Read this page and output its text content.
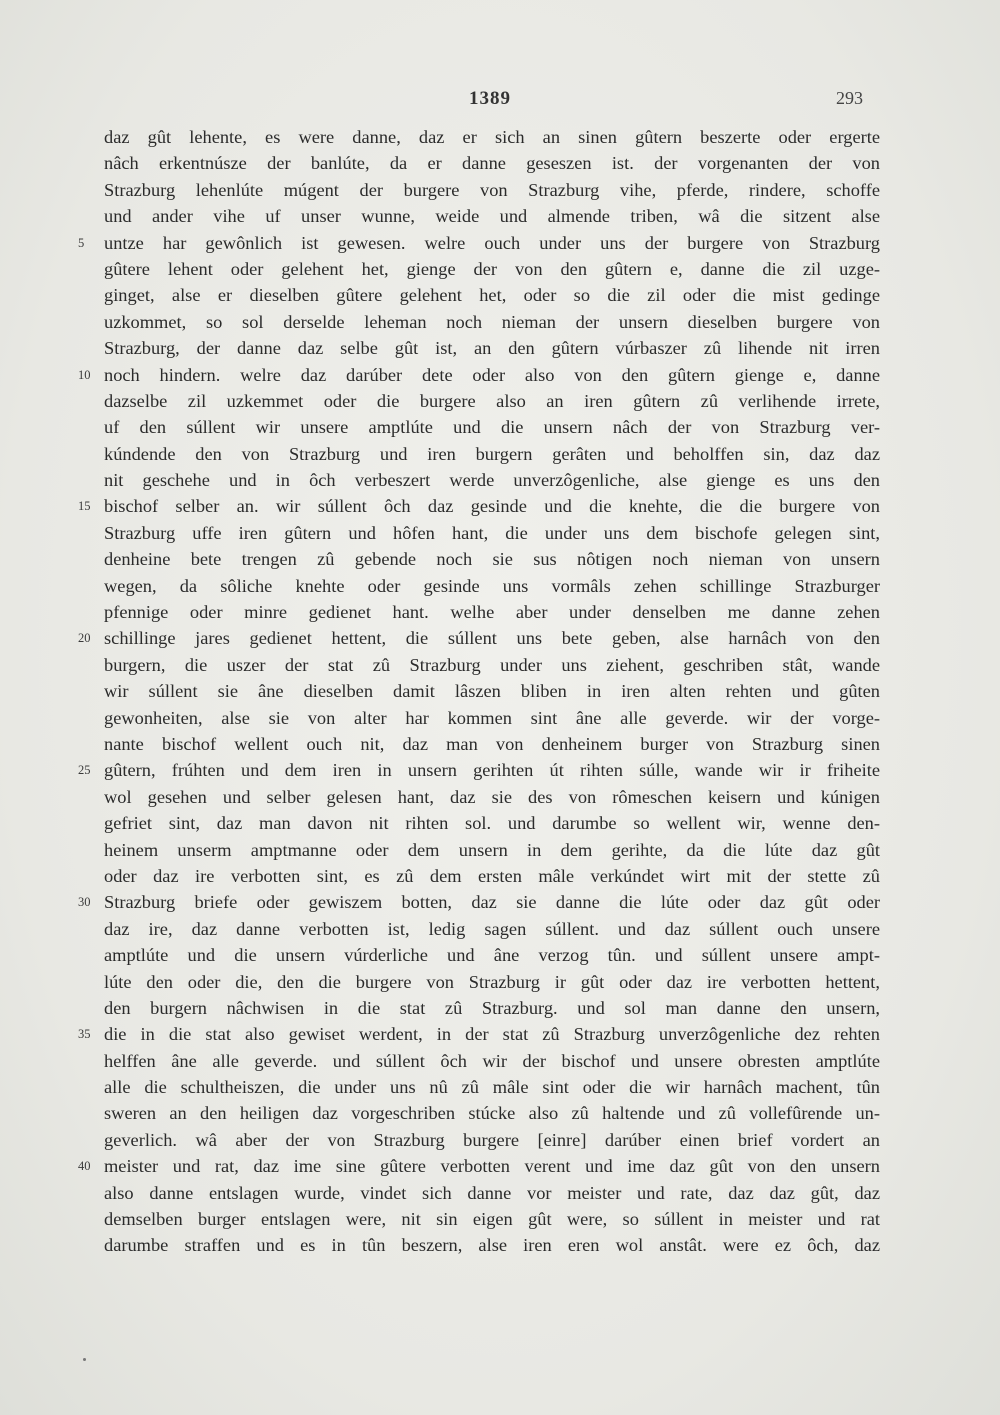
1389	293
daz gût lehente, es were danne, daz er sich an sinen gûtern beszerte oder ergerte
nâch erkentnúsze der banlúte, da er danne geseszen ist. der vorgenanten der von
Strazburg lehenlúte múgent der burgere von Strazburg vihe, pferde, rindere, schoffe
und ander vihe uf unser wunne, weide und almende triben, wâ die sitzent alse
5	untze har gewônlich ist gewesen. welre ouch under uns der burgere von Strazburg
gûtere lehent oder gelehent het, gienge der von den gûtern e, danne die zil uzge-
ginget, alse er dieselben gûtere gelehent het, oder so die zil oder die mist gedinge
uzkommet, so sol derselde leheman noch nieman der unsern dieselben burgere von
Strazburg, der danne daz selbe gût ist, an den gûtern vúrbaszer zû lihende nit irren
10 noch hindern. welre daz darúber dete oder also von den gûtern gienge e, danne
dazselbe zil uzkemmet oder die burgere also an iren gûtern zû verlihende irrete,
uf den súllent wir unsere amptlúte und die unsern nâch der von Strazburg ver-
kúndende den von Strazburg und iren burgern gerâten und beholffen sin, daz daz
nit geschehe und in ôch verbeszert werde unverzôgenliche, alse gienge es uns den
15 bischof selber an. wir súllent ôch daz gesinde und die knehte, die die burgere von
Strazburg uffe iren gûtern und hôfen hant, die under uns dem bischofe gelegen sint,
denheine bete trengen zû gebende noch sie sus nôtigen noch nieman von unsern
wegen, da sôliche knehte oder gesinde uns vormâls zehen schillinge Strazburger
pfennige oder minre gedienet hant. welhe aber under denselben me danne zehen
20 schillinge jares gedienet hettent, die súllent uns bete geben, alse harnâch von den
burgern, die uszer der stat zû Strazburg under uns ziehent, geschriben stât, wande
wir súllent sie âne dieselben damit lâszen bliben in iren alten rehten und gûten
gewonheiten, alse sie von alter har kommen sint âne alle geverde. wir der vorge-
nante bischof wellent ouch nit, daz man von denheinem burger von Strazburg sinen
25 gûtern, frúhten und dem iren in unsern gerihten út rihten súlle, wande wir ir friheite
wol gesehen und selber gelesen hant, daz sie des von rômeschen keisern und kúnigen
gefriet sint, daz man davon nit rihten sol. und darumbe so wellent wir, wenne den-
heinem unserm amptmanne oder dem unsern in dem gerihte, da die lúte daz gût
oder daz ire verbotten sint, es zû dem ersten mâle verkúndet wirt mit der stette zû
30 Strazburg briefe oder gewiszem botten, daz sie danne die lúte oder daz gût oder
daz ire, daz danne verbotten ist, ledig sagen súllent. und daz súllent ouch unsere
amptlúte und die unsern vúrderliche und âne verzog tûn. und súllent unsere ampt-
lúte den oder die, den die burgere von Strazburg ir gût oder daz ire verbotten hettent,
den burgern nâchwisen in die stat zû Strazburg. und sol man danne den unsern,
35 die in die stat also gewiset werdent, in der stat zû Strazburg unverzôgenliche dez rehten
helffen âne alle geverde. und súllent ôch wir der bischof und unsere obresten amptlúte
alle die schultheiszen, die under uns nû zû mâle sint oder die wir harnâch machent, tûn
sweren an den heiligen daz vorgeschriben stúcke also zû haltende und zû vollefûrende un-
geverlich. wâ aber der von Strazburg burgere [einre] darúber einen brief vordert an
40 meister und rat, daz ime sine gûtere verbotten verent und ime daz gût von den unsern
also danne entslagen wurde, vindet sich danne vor meister und rate, daz daz gût, daz
demselben burger entslagen were, nit sin eigen gût were, so súllent in meister und rat
darumbe straffen und es in tûn beszern, alse iren eren wol anstât. were ez ôch, daz
